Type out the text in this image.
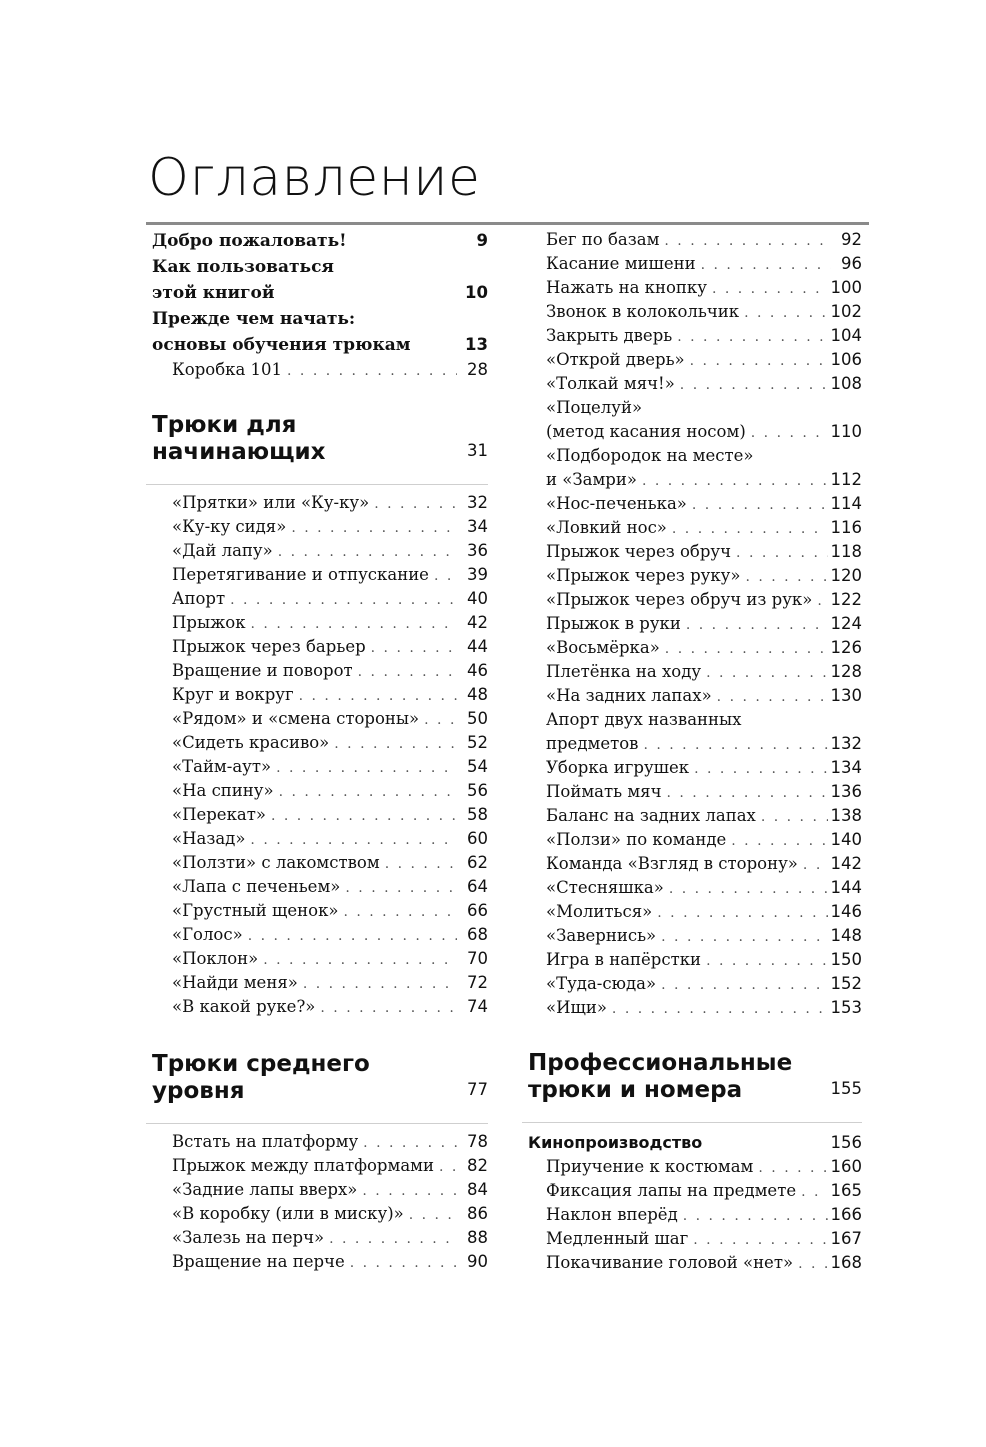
Оглавление
Добро пожаловать!	9
Как пользоваться
этой книгой	10
Прежде чем начать:
основы обучения трюкам	13
Коробка 101 . . .	28
Трюки для
начинающих	31
«Прятки» или «Ку-ку» . . .	32
«Ку-ку сидя» . . .	34
«Дай лапу» . . .	36
Перетягивание и отпускание . . .	39
Апорт . . .	40
Прыжок . . .	42
Прыжок через барьер . . .	44
Вращение и поворот . . .	46
Круг и вокруг . . .	48
«Рядом» и «смена стороны» . . .	50
«Сидеть красиво» . . .	52
«Тайм-аут» . . .	54
«На спину» . . .	56
«Перекат» . . .	58
«Назад» . . .	60
«Ползти» с лакомством . . .	62
«Лапа с печеньем» . . .	64
«Грустный щенок» . . .	66
«Голос» . . .	68
«Поклон» . . .	70
«Найди меня» . . .	72
«В какой руке?» . . .	74
Трюки среднего
уровня	77
Встать на платформу . . .	78
Прыжок между платформами . . .	82
«Задние лапы вверх» . . .	84
«В коробку (или в миску)» . . .	86
«Залезь на перч» . . .	88
Вращение на перче . . .	90
Бег по базам . . .	92
Касание мишени . . .	96
Нажать на кнопку . . .	100
Звонок в колокольчик . . .	102
Закрыть дверь . . .	104
«Открой дверь» . . .	106
«Толкай мяч!» . . .	108
«Поцелуй»
(метод касания носом) . . .	110
«Подбородок на месте»
и «Замри» . . .	112
«Нос-печенька» . . .	114
«Ловкий нос» . . .	116
Прыжок через обруч . . .	118
«Прыжок через руку» . . .	120
«Прыжок через обруч из рук» . . . 122
Прыжок в руки . . .	124
«Восьмёрка» . . .	126
Плетёнка на ходу . . .	128
«На задних лапах» . . .	130
Апорт двух названных
предметов . . .	132
Уборка игрушек . . .	134
Поймать мяч . . .	136
Баланс на задних лапах . . .	138
«Ползи» по команде . . .	140
Команда «Взгляд в сторону» . . . 142
«Стесняшка» . . .	144
«Молиться» . . .	146
«Завернись» . . .	148
Игра в напёрстки . . .	150
«Туда-сюда» . . .	152
«Ищи» . . .	153
Профессиональные
трюки и номера	155
Кинопроизводство	156
Приучение к костюмам . . .	160
Фиксация лапы на предмете . . . 165
Наклон вперёд . . .	166
Медленный шаг . . .	167
Покачивание головой «нет» . . . 168
